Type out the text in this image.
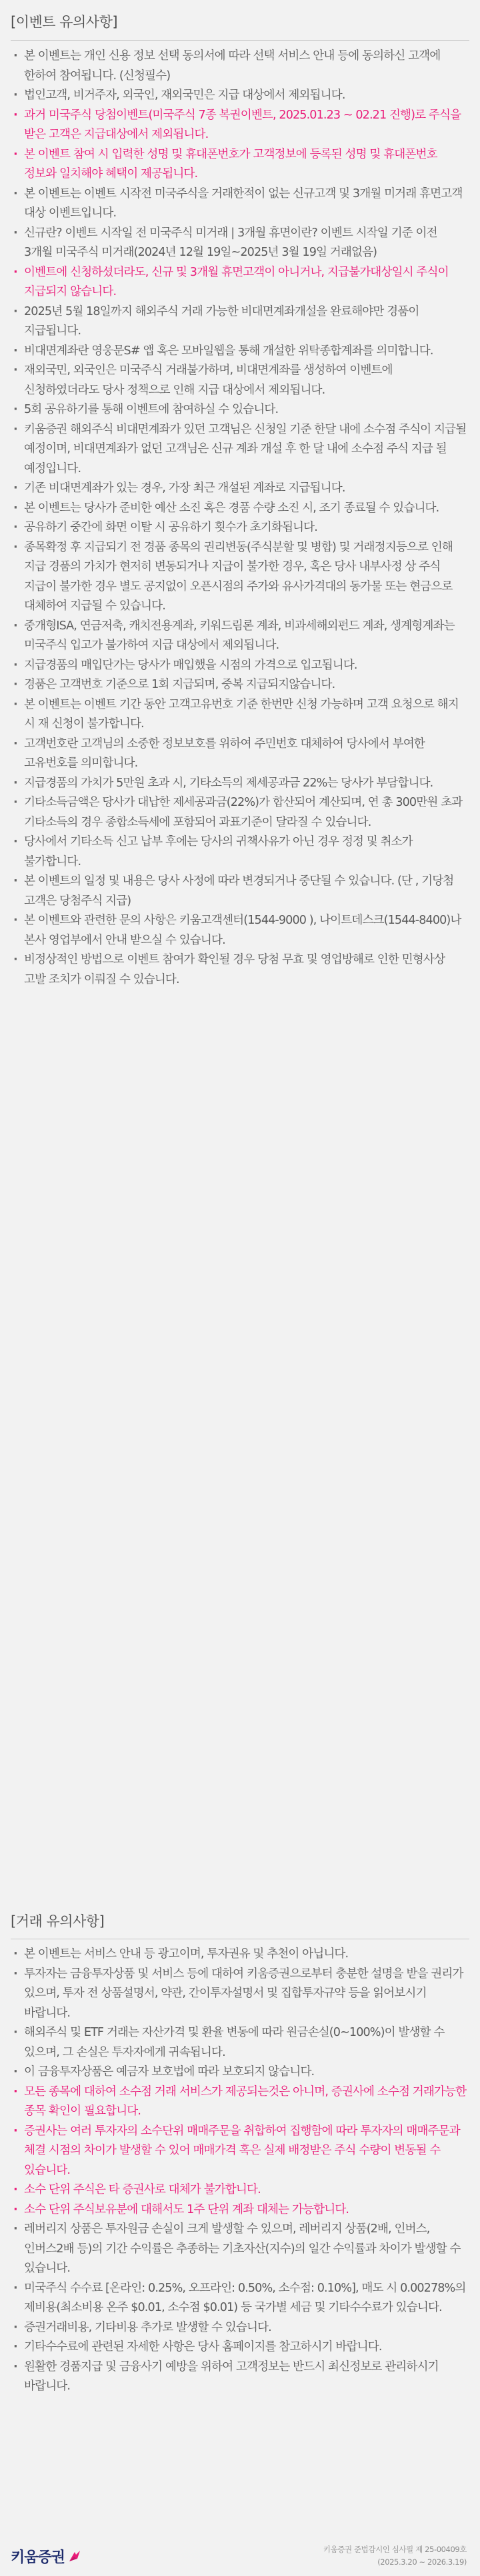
[이벤트 유의사항]
· 본 이벤트는 개인 신용 정보 선택 동의서에 따라 선택 서비스 안내 등에 동의하신 고객에 한하여 참여됩니다. (신청필수)
· 법인고객, 비거주자, 외국인, 재외국민은 지급 대상에서 제외됩니다.
· 과거 미국주식 당첨이벤트(미국주식 7종 복권이벤트, 2025.01.23 ~ 02.21 진행)로 주식을 받은 고객은 지급대상에서 제외됩니다.
· 본 이벤트 참여 시 입력한 성명 및 휴대폰번호가 고객정보에 등록된 성명 및 휴대폰번호 정보와 일치해야 혜택이 제공됩니다.
· 본 이벤트는 이벤트 시작전 미국주식을 거래한적이 없는 신규고객 및 3개월 미거래 휴면고객 대상 이벤트입니다.
· 신규란? 이벤트 시작일 전 미국주식 미거래 | 3개월 휴면이란? 이벤트 시작일 기준 이전 3개월 미국주식 미거래(2024년 12월 19일~2025년 3월 19일 거래없음)
· 이벤트에 신청하셨더라도, 신규 및 3개월 휴면고객이 아니거나, 지급불가대상일시 주식이 지급되지 않습니다.
· 2025년 5월 18일까지 해외주식 거래 가능한 비대면계좌개설을 완료해야만 경품이 지급됩니다.
· 비대면계좌란 영웅문S# 앱 혹은 모바일웹을 통해 개설한 위탁종합계좌를 의미합니다.
· 재외국민, 외국인은 미국주식 거래불가하며, 비대면계좌를 생성하여 이벤트에 신청하였더라도 당사 정책으로 인해 지급 대상에서 제외됩니다.
· 5회 공유하기를 통해 이벤트에 참여하실 수 있습니다.
· 키움증권 해외주식 비대면계좌가 있던 고객님은 신청일 기준 한달 내에 소수점 주식이 지급될 예정이며, 비대면계좌가 없던 고객님은 신규 계좌 개설 후 한 달 내에 소수점 주식 지급 될 예정입니다.
· 기존 비대면계좌가 있는 경우, 가장 최근 개설된 계좌로 지급됩니다.
· 본 이벤트는 당사가 준비한 예산 소진 혹은 경품 수량 소진 시, 조기 종료될 수 있습니다.
· 공유하기 중간에 화면 이탈 시 공유하기 횟수가 초기화됩니다.
· 종목확정 후 지급되기 전 경품 종목의 권리변동(주식분할 및 병합) 및 거래정지등으로 인해 지급 경품의 가치가 현저히 변동되거나 지급이 불가한 경우, 혹은 당사 내부사정 상 주식 지급이 불가한 경우 별도 공지없이 오픈시점의 주가와 유사가격대의 동가물 또는 현금으로 대체하여 지급될 수 있습니다.
· 중개형ISA, 연금저축, 캐치전용계좌, 키워드림론 계좌, 비과세해외펀드 계좌, 생계형계좌는 미국주식 입고가 불가하여 지급 대상에서 제외됩니다.
· 지급경품의 매입단가는 당사가 매입했을 시점의 가격으로 입고됩니다.
· 경품은 고객번호 기준으로 1회 지급되며, 중복 지급되지않습니다.
· 본 이벤트는 이벤트 기간 동안 고객고유번호 기준 한번만 신청 가능하며 고객 요청으로 해지 시 재 신청이 불가합니다.
· 고객번호란 고객님의 소중한 정보보호를 위하여 주민번호 대체하여 당사에서 부여한 고유번호를 의미합니다.
· 지급경품의 가치가 5만원 초과 시, 기타소득의 제세공과금 22%는 당사가 부담합니다.
· 기타소득금액은 당사가 대납한 제세공과금(22%)가 합산되어 계산되며, 연 총 300만원 초과 기타소득의 경우 종합소득세에 포함되어 과표기준이 달라질 수 있습니다.
· 당사에서 기타소득 신고 납부 후에는 당사의 귀책사유가 아닌 경우 정정 및 취소가 불가합니다.
· 본 이벤트의 일정 및 내용은 당사 사정에 따라 변경되거나 중단될 수 있습니다. (단 , 기당첨 고객은 당첨주식 지급)
· 본 이벤트와 관련한 문의 사항은 키움고객센터(1544-9000 ), 나이트데스크(1544-8400)나 본사 영업부에서 안내 받으실 수 있습니다.
· 비정상적인 방법으로 이벤트 참여가 확인될 경우 당첨 무효 및 영업방해로 인한 민형사상 고발 조치가 이뤄질 수 있습니다.
[거래 유의사항]
· 본 이벤트는 서비스 안내 등 광고이며, 투자권유 및 추천이 아닙니다.
· 투자자는 금융투자상품 및 서비스 등에 대하여 키움증권으로부터 충분한 설명을 받을 권리가 있으며, 투자 전 상품설명서, 약관, 간이투자설명서 및 집합투자규약 등을 읽어보시기 바랍니다.
· 해외주식 및 ETF 거래는 자산가격 및 환율 변동에 따라 원금손실(0~100%)이 발생할 수 있으며, 그 손실은 투자자에게 귀속됩니다.
· 이 금융투자상품은 예금자 보호법에 따라 보호되지 않습니다.
· 모든 종목에 대하여 소수점 거래 서비스가 제공되는것은 아니며, 증권사에 소수점 거래가능한 종목 확인이 필요합니다.
· 증권사는 여러 투자자의 소수단위 매매주문을 취합하여 집행함에 따라 투자자의 매매주문과 체결 시점의 차이가 발생할 수 있어 매매가격 혹은 실제 배정받은 주식 수량이 변동될 수 있습니다.
· 소수 단위 주식은 타 증권사로 대체가 불가합니다.
· 소수 단위 주식보유분에 대해서도 1주 단위 계좌 대체는 가능합니다.
· 레버리지 상품은 투자원금 손실이 크게 발생할 수 있으며, 레버리지 상품(2배, 인버스, 인버스2배 등)의 기간 수익률은 추종하는 기초자산(지수)의 일간 수익률과 차이가 발생할 수 있습니다.
· 미국주식 수수료 [온라인: 0.25%, 오프라인: 0.50%, 소수점: 0.10%], 매도 시 0.00278%의 제비용(최소비용 온주 $0.01, 소수점 $0.01) 등 국가별 세금 및 기타수수료가 있습니다.
· 증권거래비용, 기타비용 추가로 발생할 수 있습니다.
· 기타수수료에 관련된 자세한 사항은 당사 홈페이지를 참고하시기 바랍니다.
· 원활한 경품지급 및 금융사기 예방을 위하여 고객정보는 반드시 최신정보로 관리하시기 바랍니다.
키움증권	키움증권 준법감시인 심사필 제 25-00409호
(2025.3.20 ~ 2026.3.19)
